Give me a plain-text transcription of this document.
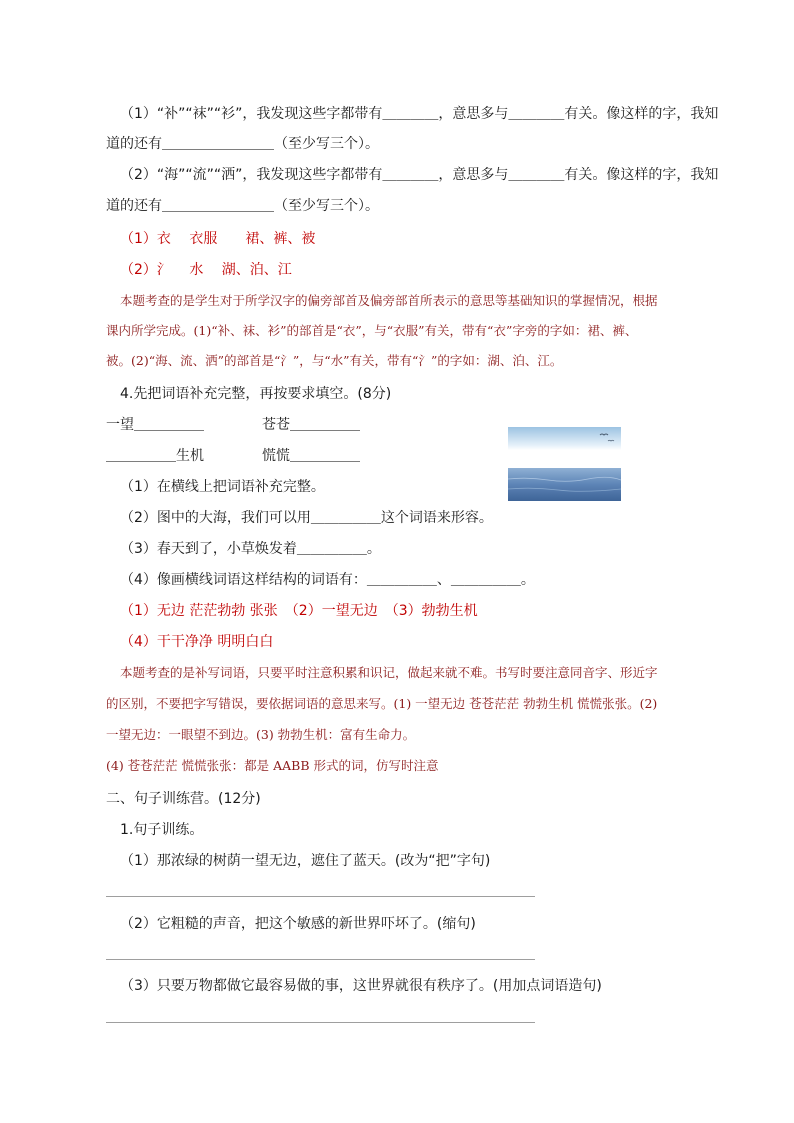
（1）“补”“袜”“衫”，我发现这些字都带有＿＿＿＿，意思多与＿＿＿＿有关。像这样的字，我知
道的还有＿＿＿＿＿＿＿＿（至少写三个）。
（2）“海”“流”“洒”，我发现这些字都带有＿＿＿＿，意思多与＿＿＿＿有关。像这样的字，我知
道的还有＿＿＿＿＿＿＿＿（至少写三个）。
（1）衣　 衣服　　裙、裤、被
（2）氵　 水　 湖、泊、江
本题考查的是学生对于所学汉字的偏旁部首及偏旁部首所表示的意思等基础知识的掌握情况，根据
课内所学完成。(1)“补、袜、衫”的部首是“衣”，与“衣服”有关，带有“衣”字旁的字如：裙、裤、
被。(2)“海、流、洒”的部首是“氵”，与“水”有关，带有“氵”的字如：湖、泊、江。
4.先把词语补充完整，再按要求填空。(8分)
一望＿＿＿＿＿	苍苍＿＿＿＿＿
＿＿＿＿＿生机	慌慌＿＿＿＿＿
（1）在横线上把词语补充完整。
（2）图中的大海，我们可以用＿＿＿＿＿这个词语来形容。
（3）春天到了，小草焕发着＿＿＿＿＿。
（4）像画横线词语这样结构的词语有：＿＿＿＿＿、＿＿＿＿＿。
（1）无边 茫茫勃勃 张张　（2）一望无边　（3）勃勃生机
（4）干干净净 明明白白
本题考查的是补写词语，只要平时注意积累和识记，做起来就不难。书写时要注意同音字、形近字
的区别，不要把字写错误，要依据词语的意思来写。(1) 一望无边 苍苍茫茫 勃勃生机 慌慌张张。(2)
一望无边：一眼望不到边。(3) 勃勃生机：富有生命力。
(4) 苍苍茫茫 慌慌张张：都是 AABB 形式的词，仿写时注意
二、句子训练营。(12分)
1.句子训练。
（1）那浓绿的树荫一望无边，遮住了蓝天。(改为“把”字句)
＿＿＿＿＿＿＿＿＿＿＿＿＿＿＿＿＿＿＿＿＿＿＿＿＿＿＿＿＿＿＿＿＿＿＿＿＿＿＿
（2）它粗糙的声音，把这个敏感的新世界吓坏了。(缩句)
＿＿＿＿＿＿＿＿＿＿＿＿＿＿＿＿＿＿＿＿＿＿＿＿＿＿＿＿＿＿＿＿＿＿＿＿＿＿＿
（3）只要万物都做它最容易做的事，这世界就很有秩序了。(用加点词语造句)
＿＿＿＿＿＿＿＿＿＿＿＿＿＿＿＿＿＿＿＿＿＿＿＿＿＿＿＿＿＿＿＿＿＿＿＿＿＿＿
